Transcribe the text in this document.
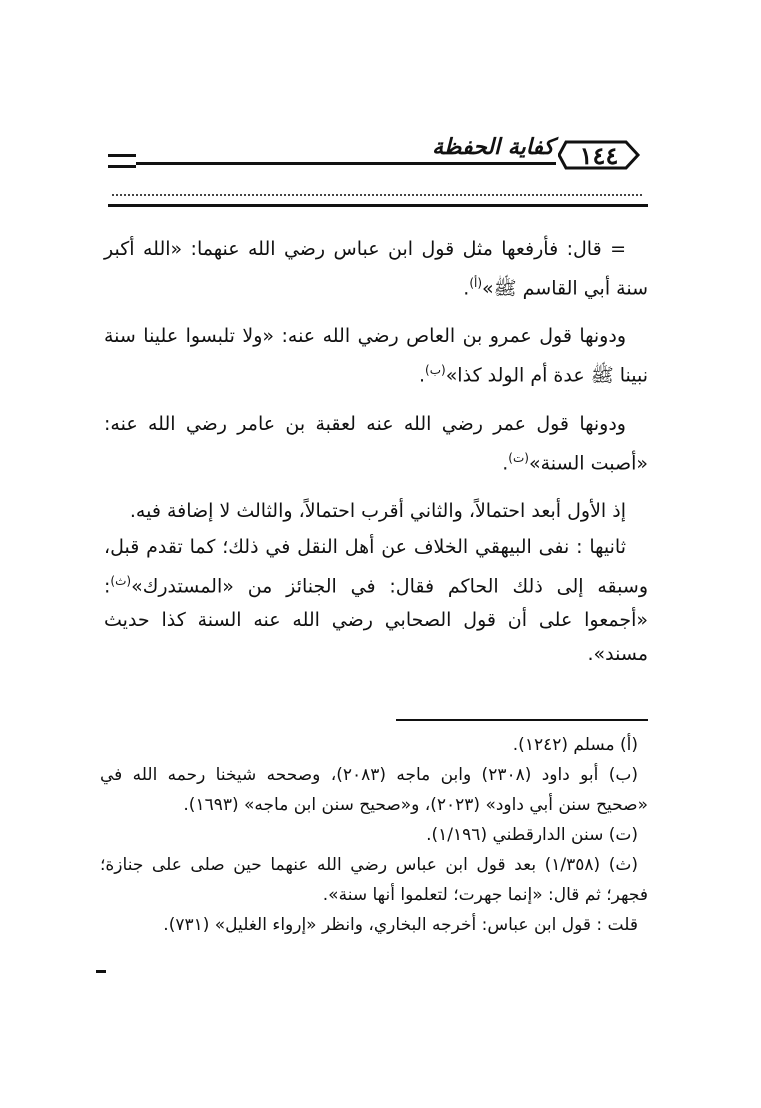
كفاية الحفظة ١٤٤

= قال: فأرفعها مثل قول ابن عباس رضي الله عنهما: «الله أكبر سنة أبي القاسم ﷺ»$^{(أ)}$.

ودونها قول عمرو بن العاص رضي الله عنه: «ولا تلبسوا علينا سنة نبينا ﷺ عدة أم الولد كذا»$^{(ب)}$.

ودونها قول عمر رضي الله عنه لعقبة بن عامر رضي الله عنه: «أصبت السنة»$^{(ت)}$.

إذ الأول أبعد احتمالاً، والثاني أقرب احتمالاً، والثالث لا إضافة فيه.

ثانيها : نفى البيهقي الخلاف عن أهل النقل في ذلك؛ كما تقدم قبل، وسبقه إلى ذلك الحاكم فقال: في الجنائز من «المستدرك»$^{(ث)}$: «أجمعوا على أن قول الصحابي رضي الله عنه السنة كذا حديث مسند».

(أ) مسلم (١٢٤٢).

(ب) أبو داود (٢٣٠٨) وابن ماجه (٢٠٨٣)، وصححه شيخنا رحمه الله في «صحيح سنن أبي داود» (٢٠٢٣)، و«صحيح سنن ابن ماجه» (١٦٩٣).

(ت) سنن الدارقطني (١/١٩٦).

(ث) (١/٣٥٨) بعد قول ابن عباس رضي الله عنهما حين صلى على جنازة؛ فجهر؛ ثم قال: «إنما جهرت؛ لتعلموا أنها سنة».

قلت : قول ابن عباس: أخرجه البخاري، وانظر «إرواء الغليل» (٧٣١).
